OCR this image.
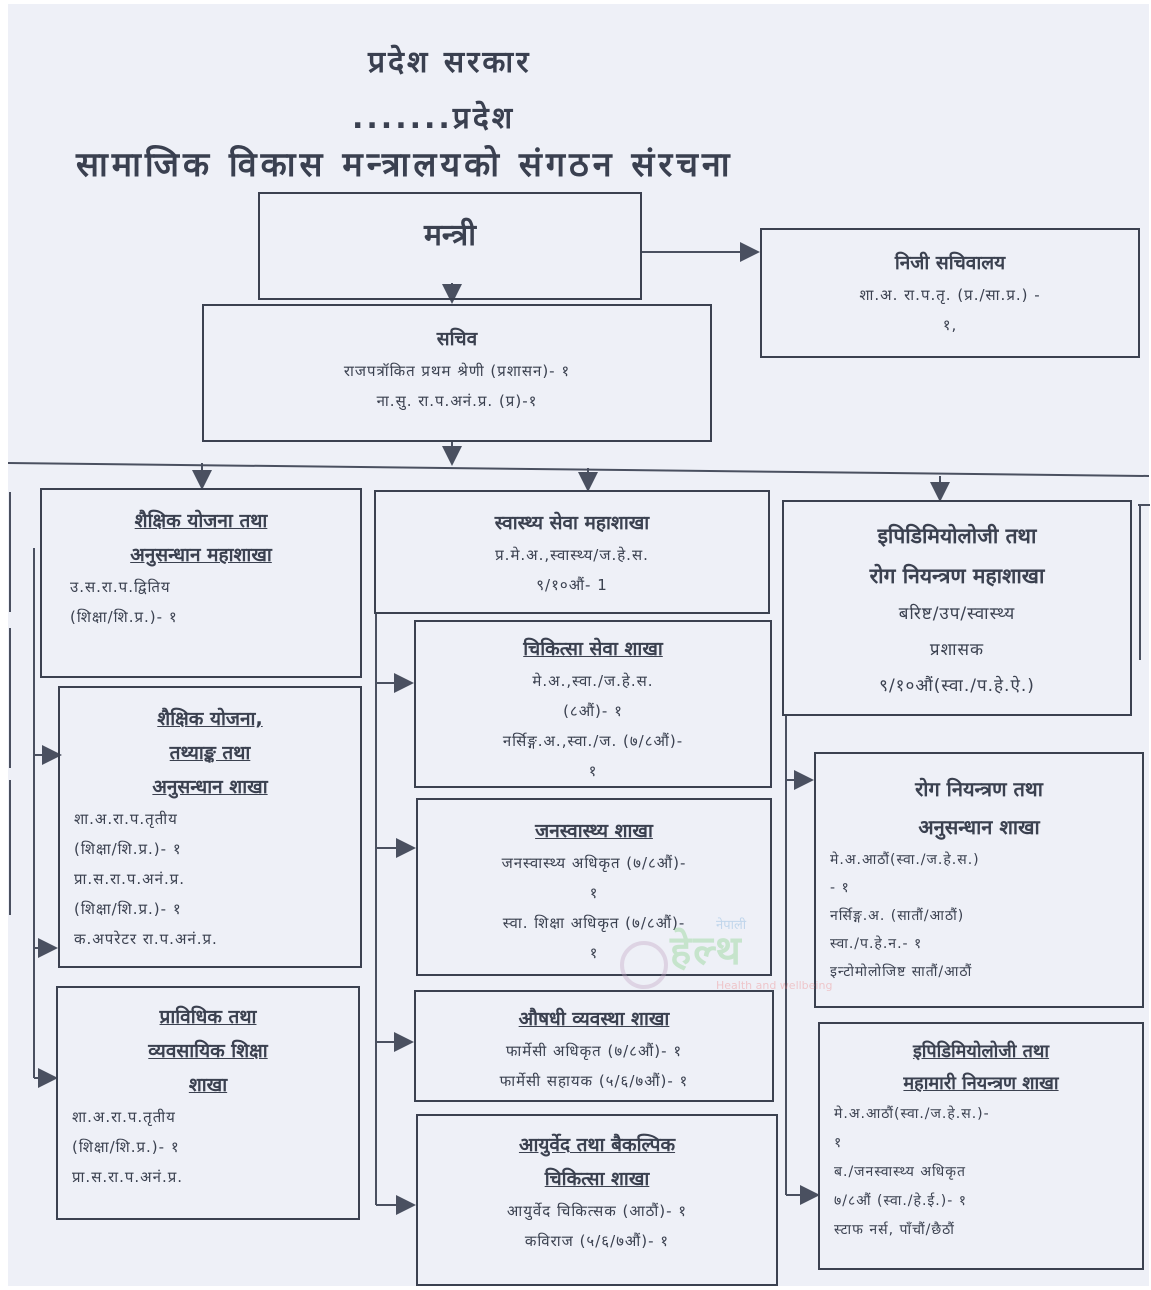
प्रदेश सरकार
.......प्रदेश
सामाजिक विकास मन्त्रालयको संगठन संरचना
मन्त्री
निजी सचिवालय
शा.अ. रा.प.तृ. (प्र./सा.प्र.) -
१,
सचिव
राजपत्रॉकित प्रथम श्रेणी (प्रशासन)- १
ना.सु. रा.प.अनं.प्र. (प्र)-१
शैक्षिक योजना तथा
अनुसन्धान महाशाखा
उ.स.रा.प.द्वितिय
(शिक्षा/शि.प्र.)- १
शैक्षिक योजना,
तथ्याङ्क तथा
अनुसन्धान शाखा
शा.अ.रा.प.तृतीय
(शिक्षा/शि.प्र.)- १
प्रा.स.रा.प.अनं.प्र.
(शिक्षा/शि.प्र.)- १
क.अपरेटर रा.प.अनं.प्र.
प्राविधिक तथा
व्यवसायिक शिक्षा
शाखा
शा.अ.रा.प.तृतीय
(शिक्षा/शि.प्र.)- १
प्रा.स.रा.प.अनं.प्र.
स्वास्थ्य सेवा महाशाखा
प्र.मे.अ.,स्वास्थ्य/ज.हे.स.
९/१०औं- 1
चिकित्सा सेवा शाखा
मे.अ.,स्वा./ज.हे.स.
(८औं)- १
नर्सिङ्ग.अ.,स्वा./ज. (७/८औं)-
१
जनस्वास्थ्य शाखा
जनस्वास्थ्य अधिकृत (७/८औं)-
१
स्वा. शिक्षा अधिकृत (७/८औं)-
१
औषधी व्यवस्था शाखा
फार्मेसी अधिकृत (७/८औं)- १
फार्मेसी सहायक (५/६/७औं)- १
आयुर्वेद तथा बैकल्पिक
चिकित्सा शाखा
आयुर्वेद चिकित्सक (आठौं)- १
कविराज (५/६/७औं)- १
इपिडिमियोलोजी तथा
रोग नियन्त्रण महाशाखा
बरिष्ट/उप/स्वास्थ्य
प्रशासक
९/१०औं(स्वा./प.हे.ऐ.)
रोग नियन्त्रण तथा
अनुसन्धान शाखा
मे.अ.आठौं(स्वा./ज.हे.स.)
- १
नर्सिङ्ग.अ. (सातौं/आठौं)
स्वा./प.हे.न.- १
इन्टोमोलोजिष्ट सातौं/आठौं
इपिडिमियोलोजी तथा
महामारी नियन्त्रण शाखा
मे.अ.आठौं(स्वा./ज.हे.स.)-
१
ब./जनस्वास्थ्य अधिकृत
७/८औं (स्वा./हे.ई.)- १
स्टाफ नर्स, पाँचौं/छैठौं
नेपाली
हेल्थ
Health and wellbeing
